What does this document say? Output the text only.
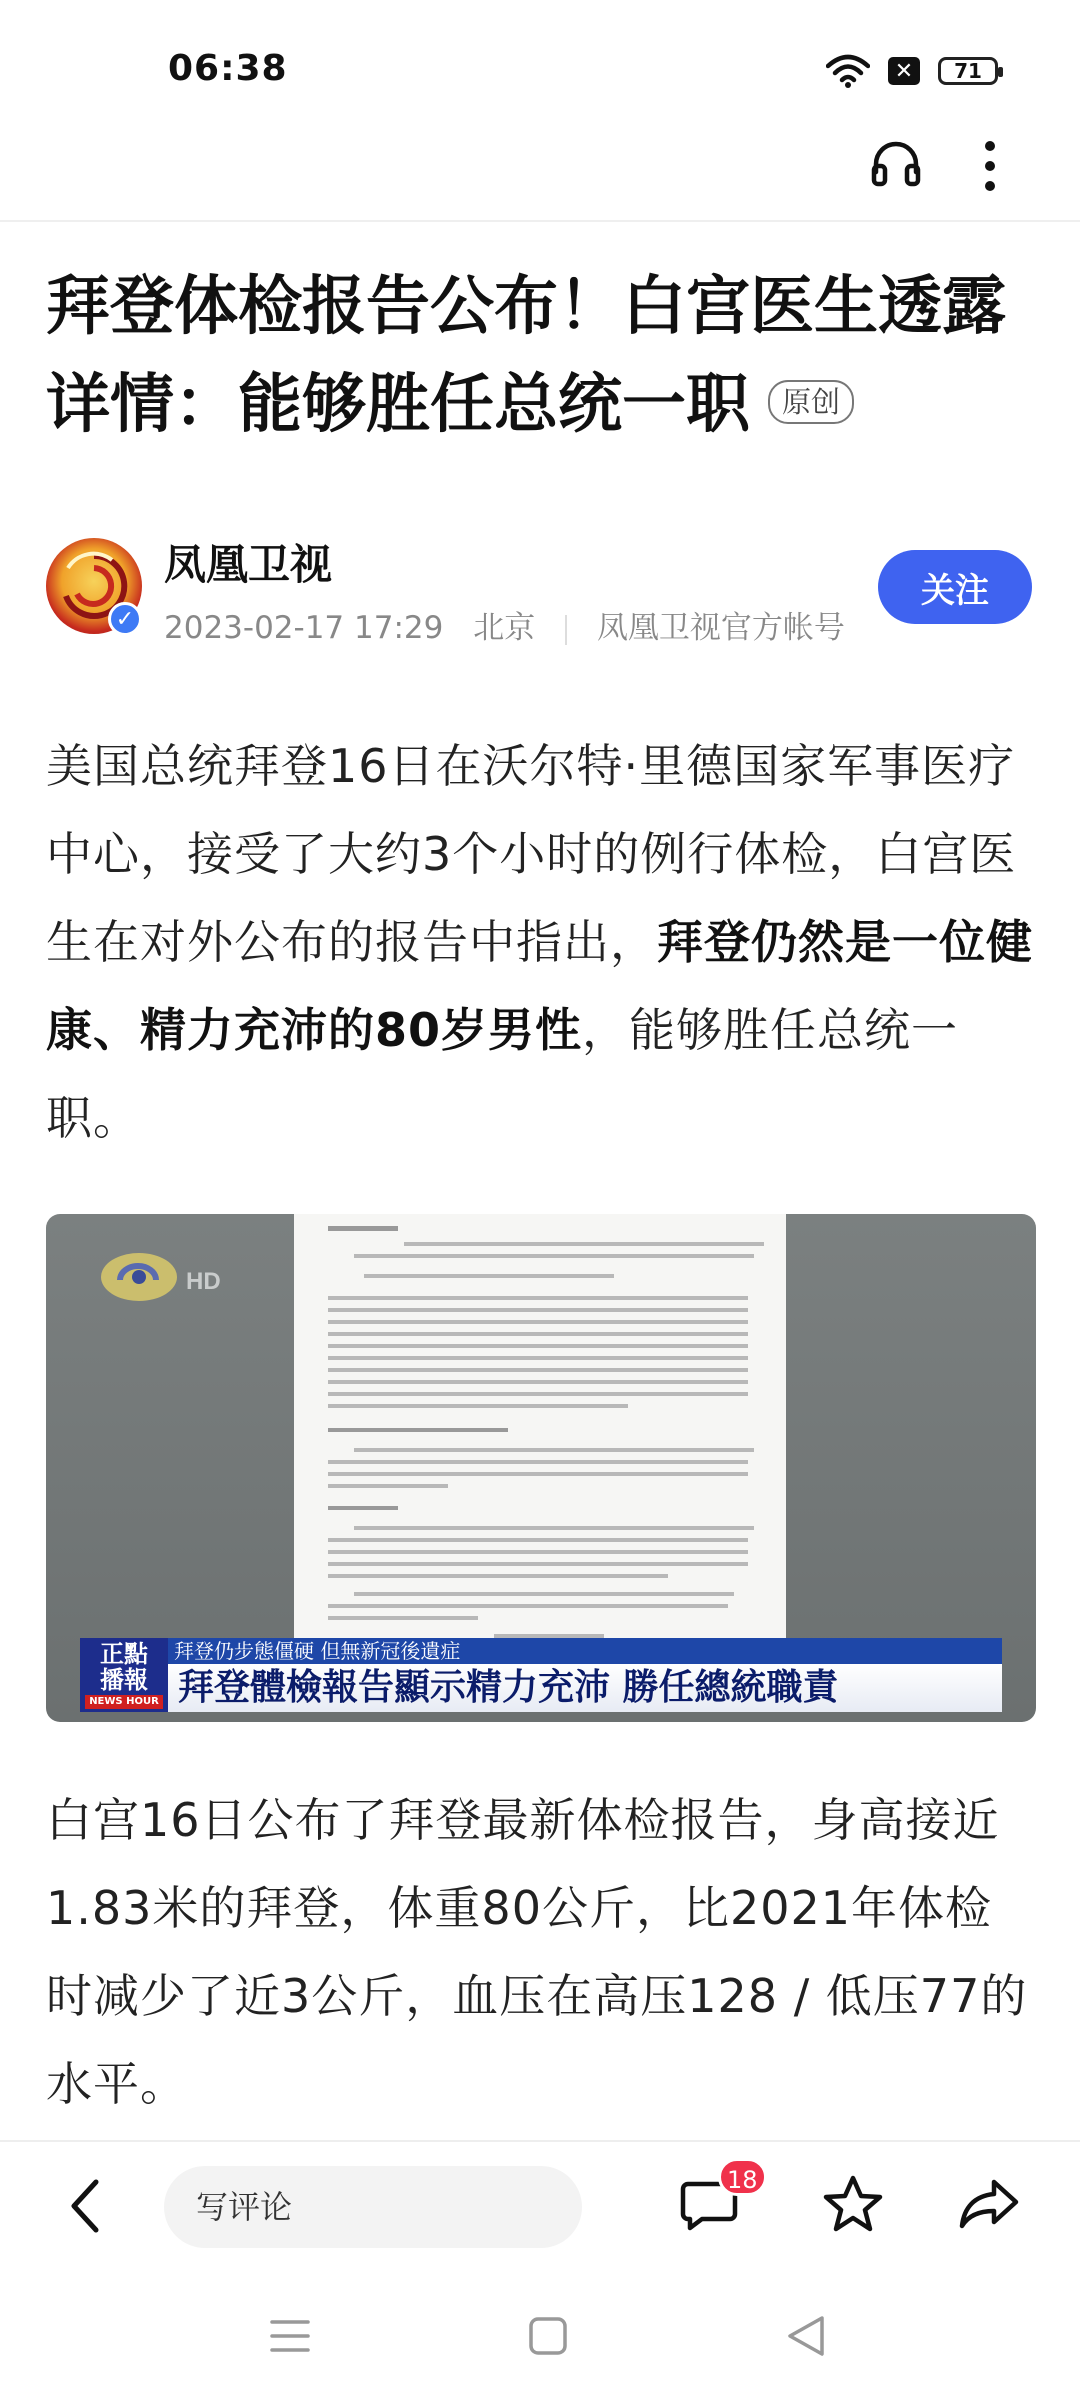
06:38	✕	71
拜登体检报告公布！白宫医生透露详情：能够胜任总统一职 原创
✓
凤凰卫视
2023-02-17 17:29 北京 凤凰卫视官方帐号
关注
美国总统拜登16日在沃尔特·里德国家军事医疗中心，接受了大约3个小时的例行体检，白宫医生在对外公布的报告中指出，拜登仍然是一位健康、精力充沛的80岁男性，能够胜任总统一职。
HD
正點
播報
NEWS HOUR
拜登仍步態僵硬 但無新冠後遺症
拜登體檢報告顯示精力充沛 勝任總統職責
白宫16日公布了拜登最新体检报告，身高接近1.83米的拜登，体重80公斤，比2021年体检时减少了近3公斤，血压在高压128 / 低压77的水平。
写评论
18
